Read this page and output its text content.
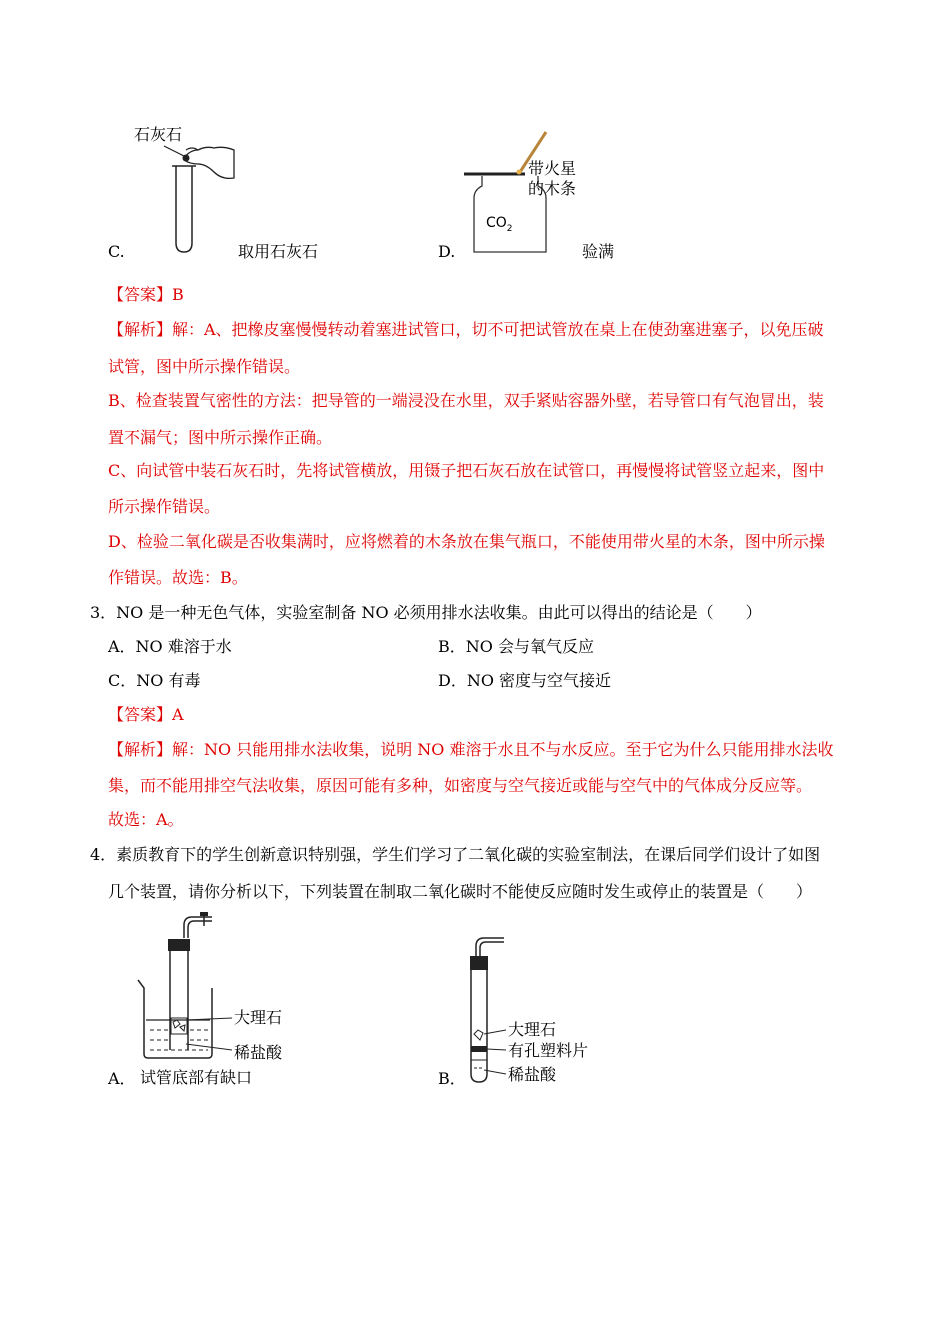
石灰石
C.	取用石灰石
带火星
的木条
$CO_2$
D.	验满
【答案】B
【解析】解：A、把橡皮塞慢慢转动着塞进试管口，切不可把试管放在桌上在使劲塞进塞子，以免压破
试管，图中所示操作错误。
B、检查装置气密性的方法：把导管的一端浸没在水里，双手紧贴容器外壁，若导管口有气泡冒出，装
置不漏气；图中所示操作正确。
C、向试管中装石灰石时，先将试管横放，用镊子把石灰石放在试管口，再慢慢将试管竖立起来，图中
所示操作错误。
D、检验二氧化碳是否收集满时，应将燃着的木条放在集气瓶口，不能使用带火星的木条，图中所示操
作错误。故选：B。
3．NO 是一种无色气体，实验室制备 NO 必须用排水法收集。由此可以得出的结论是（　　）
A．NO 难溶于水	B．NO 会与氧气反应
C．NO 有毒	D．NO 密度与空气接近
【答案】A
【解析】解：NO 只能用排水法收集，说明 NO 难溶于水且不与水反应。至于它为什么只能用排水法收
集，而不能用排空气法收集，原因可能有多种，如密度与空气接近或能与空气中的气体成分反应等。
故选：A。
4．素质教育下的学生创新意识特别强，学生们学习了二氧化碳的实验室制法，在课后同学们设计了如图
几个装置，请你分析以下，下列装置在制取二氧化碳时不能使反应随时发生或停止的装置是（　　）
大理石
稀盐酸
A． 试管底部有缺口
大理石
有孔塑料片
稀盐酸
B．
